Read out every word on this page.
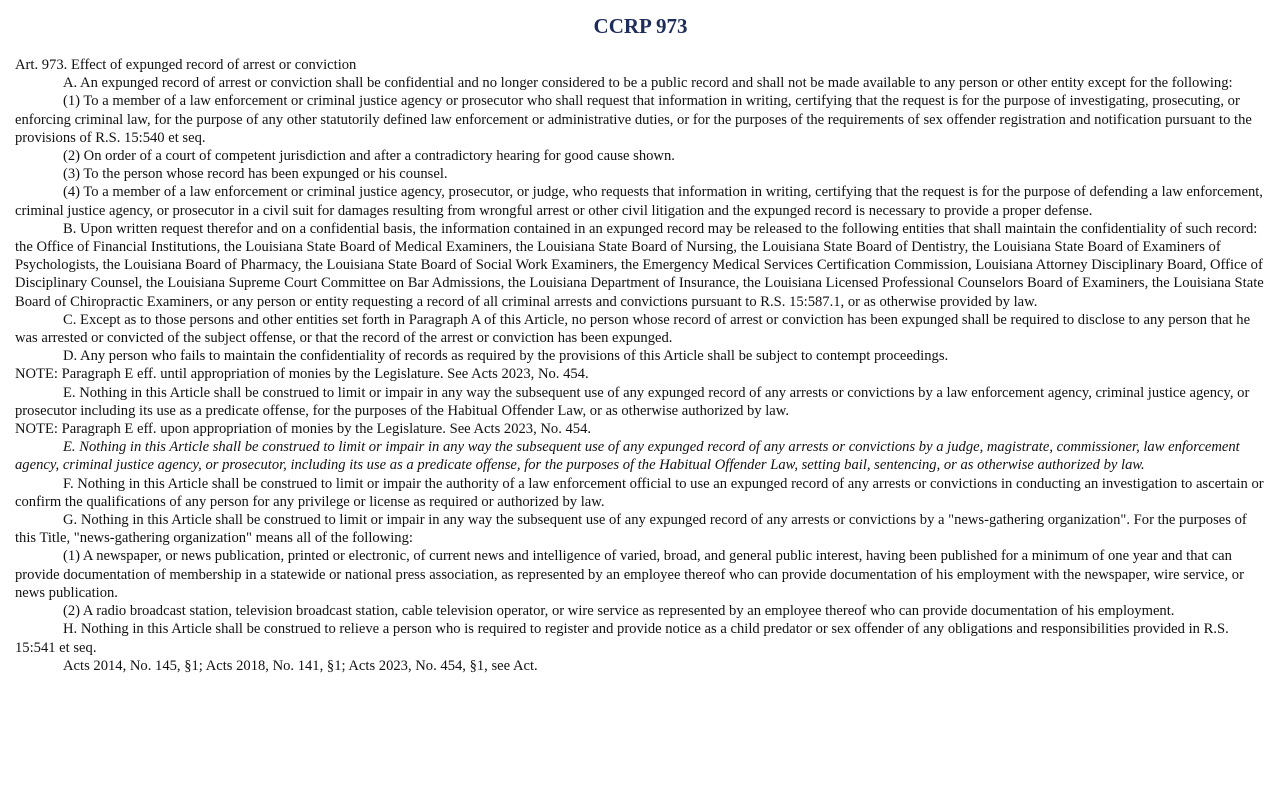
CCRP 973

Art. 973. Effect of expunged record of arrest or conviction

A. An expunged record of arrest or conviction shall be confidential and no longer considered to be a public record and shall not be made available to any person or other entity except for the following:

(1) To a member of a law enforcement or criminal justice agency or prosecutor who shall request that information in writing, certifying that the request is for the purpose of investigating, prosecuting, or enforcing criminal law, for the purpose of any other statutorily defined law enforcement or administrative duties, or for the purposes of the requirements of sex offender registration and notification pursuant to the provisions of R.S. 15:540 et seq.

(2) On order of a court of competent jurisdiction and after a contradictory hearing for good cause shown.

(3) To the person whose record has been expunged or his counsel.

(4) To a member of a law enforcement or criminal justice agency, prosecutor, or judge, who requests that information in writing, certifying that the request is for the purpose of defending a law enforcement, criminal justice agency, or prosecutor in a civil suit for damages resulting from wrongful arrest or other civil litigation and the expunged record is necessary to provide a proper defense.

B. Upon written request therefor and on a confidential basis, the information contained in an expunged record may be released to the following entities that shall maintain the confidentiality of such record: the Office of Financial Institutions, the Louisiana State Board of Medical Examiners, the Louisiana State Board of Nursing, the Louisiana State Board of Dentistry, the Louisiana State Board of Examiners of Psychologists, the Louisiana Board of Pharmacy, the Louisiana State Board of Social Work Examiners, the Emergency Medical Services Certification Commission, Louisiana Attorney Disciplinary Board, Office of Disciplinary Counsel, the Louisiana Supreme Court Committee on Bar Admissions, the Louisiana Department of Insurance, the Louisiana Licensed Professional Counselors Board of Examiners, the Louisiana State Board of Chiropractic Examiners, or any person or entity requesting a record of all criminal arrests and convictions pursuant to R.S. 15:587.1, or as otherwise provided by law.

C. Except as to those persons and other entities set forth in Paragraph A of this Article, no person whose record of arrest or conviction has been expunged shall be required to disclose to any person that he was arrested or convicted of the subject offense, or that the record of the arrest or conviction has been expunged.

D. Any person who fails to maintain the confidentiality of records as required by the provisions of this Article shall be subject to contempt proceedings.

NOTE: Paragraph E eff. until appropriation of monies by the Legislature. See Acts 2023, No. 454.

E. Nothing in this Article shall be construed to limit or impair in any way the subsequent use of any expunged record of any arrests or convictions by a law enforcement agency, criminal justice agency, or prosecutor including its use as a predicate offense, for the purposes of the Habitual Offender Law, or as otherwise authorized by law.

NOTE: Paragraph E eff. upon appropriation of monies by the Legislature. See Acts 2023, No. 454.

E. Nothing in this Article shall be construed to limit or impair in any way the subsequent use of any expunged record of any arrests or convictions by a judge, magistrate, commissioner, law enforcement agency, criminal justice agency, or prosecutor, including its use as a predicate offense, for the purposes of the Habitual Offender Law, setting bail, sentencing, or as otherwise authorized by law.

F. Nothing in this Article shall be construed to limit or impair the authority of a law enforcement official to use an expunged record of any arrests or convictions in conducting an investigation to ascertain or confirm the qualifications of any person for any privilege or license as required or authorized by law.

G. Nothing in this Article shall be construed to limit or impair in any way the subsequent use of any expunged record of any arrests or convictions by a "news-gathering organization". For the purposes of this Title, "news-gathering organization" means all of the following:

(1) A newspaper, or news publication, printed or electronic, of current news and intelligence of varied, broad, and general public interest, having been published for a minimum of one year and that can provide documentation of membership in a statewide or national press association, as represented by an employee thereof who can provide documentation of his employment with the newspaper, wire service, or news publication.

(2) A radio broadcast station, television broadcast station, cable television operator, or wire service as represented by an employee thereof who can provide documentation of his employment.

H. Nothing in this Article shall be construed to relieve a person who is required to register and provide notice as a child predator or sex offender of any obligations and responsibilities provided in R.S. 15:541 et seq.

Acts 2014, No. 145, §1; Acts 2018, No. 141, §1; Acts 2023, No. 454, §1, see Act.
